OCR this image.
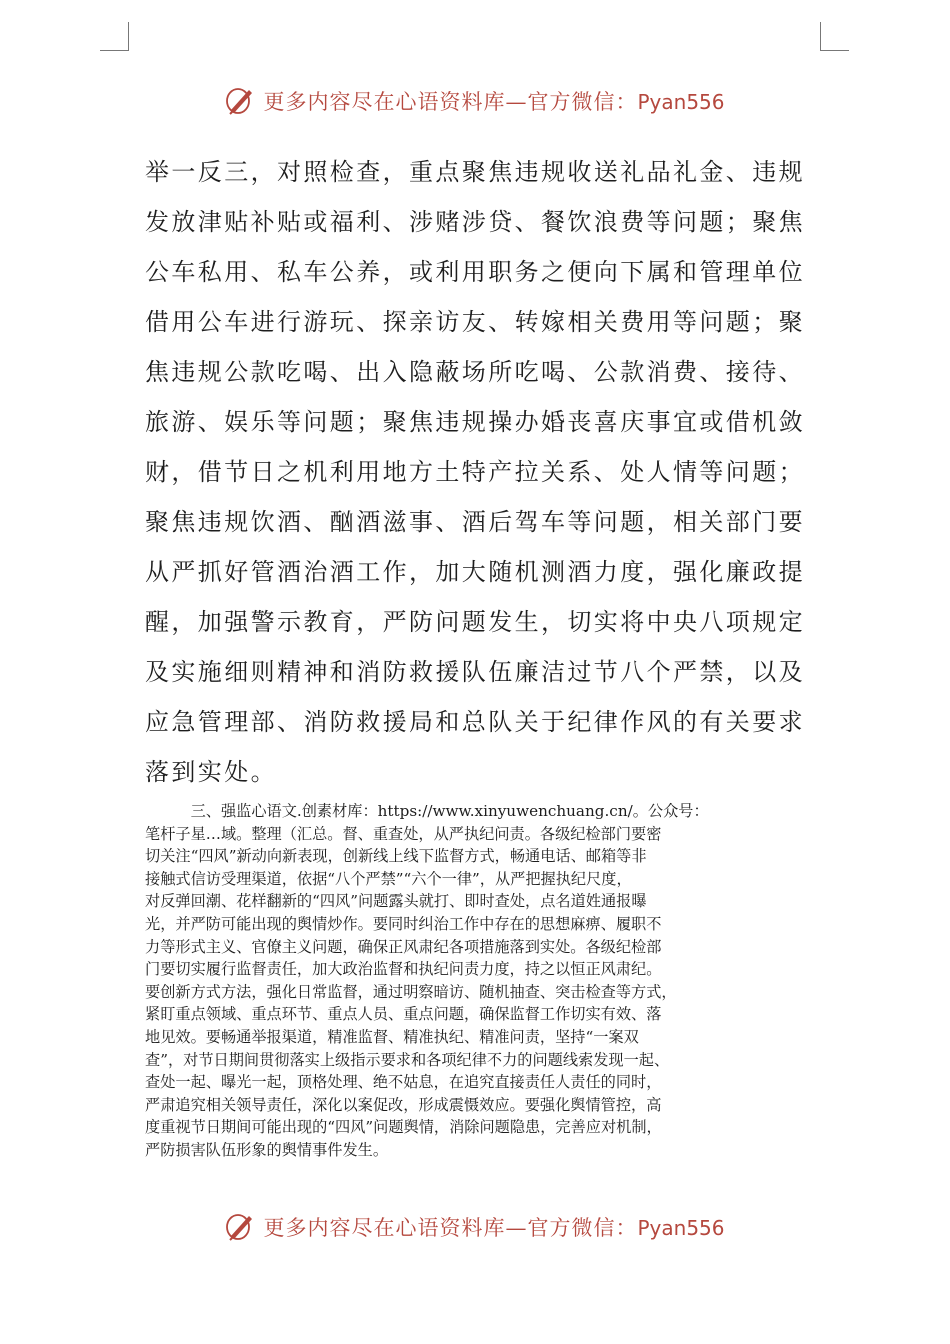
更多内容尽在心语资料库—官方微信：Pyan556
举一反三，对照检查，重点聚焦违规收送礼品礼金、违规
发放津贴补贴或福利、涉赌涉贷、餐饮浪费等问题；聚焦
公车私用、私车公养，或利用职务之便向下属和管理单位
借用公车进行游玩、探亲访友、转嫁相关费用等问题；聚
焦违规公款吃喝、出入隐蔽场所吃喝、公款消费、接待、
旅游、娱乐等问题；聚焦违规操办婚丧喜庆事宜或借机敛
财，借节日之机利用地方土特产拉关系、处人情等问题；
聚焦违规饮酒、酗酒滋事、酒后驾车等问题，相关部门要
从严抓好管酒治酒工作，加大随机测酒力度，强化廉政提
醒，加强警示教育，严防问题发生，切实将中央八项规定
及实施细则精神和消防救援队伍廉洁过节八个严禁，以及
应急管理部、消防救援局和总队关于纪律作风的有关要求
落到实处。
　　　三、强监心语文.创素材库：https://www.xinyuwenchuang.cn/。公众号：
笔杆子星…域。整理（汇总。督、重查处，从严执纪问责。各级纪检部门要密
切关注“四风”新动向新表现，创新线上线下监督方式，畅通电话、邮箱等非
接触式信访受理渠道，依据“八个严禁”“六个一律”，从严把握执纪尺度，
对反弹回潮、花样翻新的“四风”问题露头就打、即时查处，点名道姓通报曝
光，并严防可能出现的舆情炒作。要同时纠治工作中存在的思想麻痹、履职不
力等形式主义、官僚主义问题，确保正风肃纪各项措施落到实处。各级纪检部
门要切实履行监督责任，加大政治监督和执纪问责力度，持之以恒正风肃纪。
要创新方式方法，强化日常监督，通过明察暗访、随机抽查、突击检查等方式，
紧盯重点领域、重点环节、重点人员、重点问题，确保监督工作切实有效、落
地见效。要畅通举报渠道，精准监督、精准执纪、精准问责，坚持“一案双
查”，对节日期间贯彻落实上级指示要求和各项纪律不力的问题线索发现一起、
查处一起、曝光一起，顶格处理、绝不姑息，在追究直接责任人责任的同时，
严肃追究相关领导责任，深化以案促改，形成震慑效应。要强化舆情管控，高
度重视节日期间可能出现的“四风”问题舆情，消除问题隐患，完善应对机制，
严防损害队伍形象的舆情事件发生。
更多内容尽在心语资料库—官方微信：Pyan556
